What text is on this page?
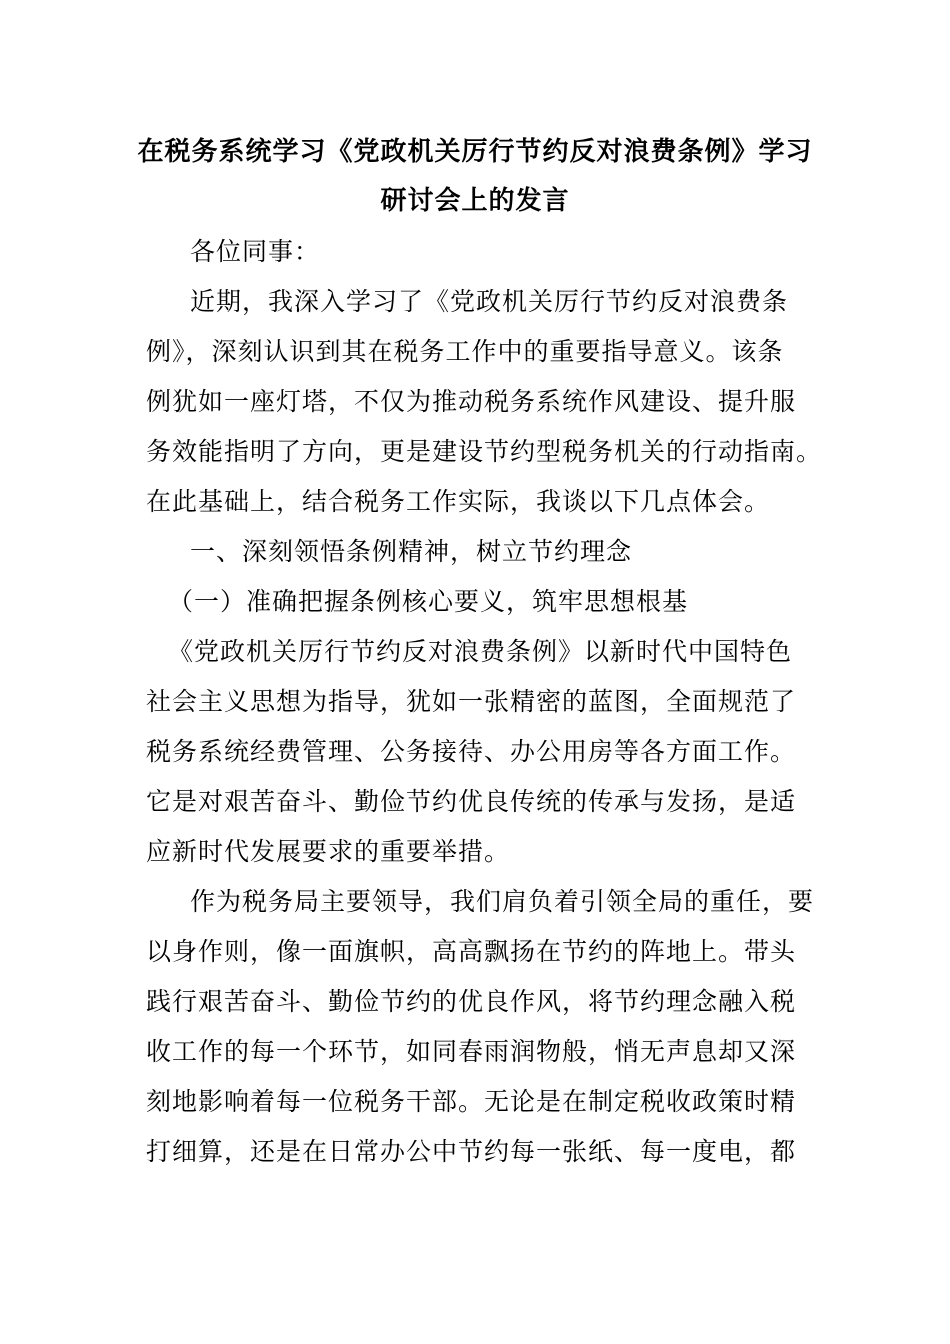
在税务系统学习《党政机关厉行节约反对浪费条例》学习
研讨会上的发言
各位同事：
近期，我深入学习了《党政机关厉行节约反对浪费条
例》，深刻认识到其在税务工作中的重要指导意义。该条
例犹如一座灯塔，不仅为推动税务系统作风建设、提升服
务效能指明了方向，更是建设节约型税务机关的行动指南。
在此基础上，结合税务工作实际，我谈以下几点体会。
一、深刻领悟条例精神，树立节约理念
（一）准确把握条例核心要义，筑牢思想根基
《党政机关厉行节约反对浪费条例》以新时代中国特色
社会主义思想为指导，犹如一张精密的蓝图，全面规范了
税务系统经费管理、公务接待、办公用房等各方面工作。
它是对艰苦奋斗、勤俭节约优良传统的传承与发扬，是适
应新时代发展要求的重要举措。
作为税务局主要领导，我们肩负着引领全局的重任，要
以身作则，像一面旗帜，高高飘扬在节约的阵地上。带头
践行艰苦奋斗、勤俭节约的优良作风，将节约理念融入税
收工作的每一个环节，如同春雨润物般，悄无声息却又深
刻地影响着每一位税务干部。无论是在制定税收政策时精
打细算，还是在日常办公中节约每一张纸、每一度电，都
